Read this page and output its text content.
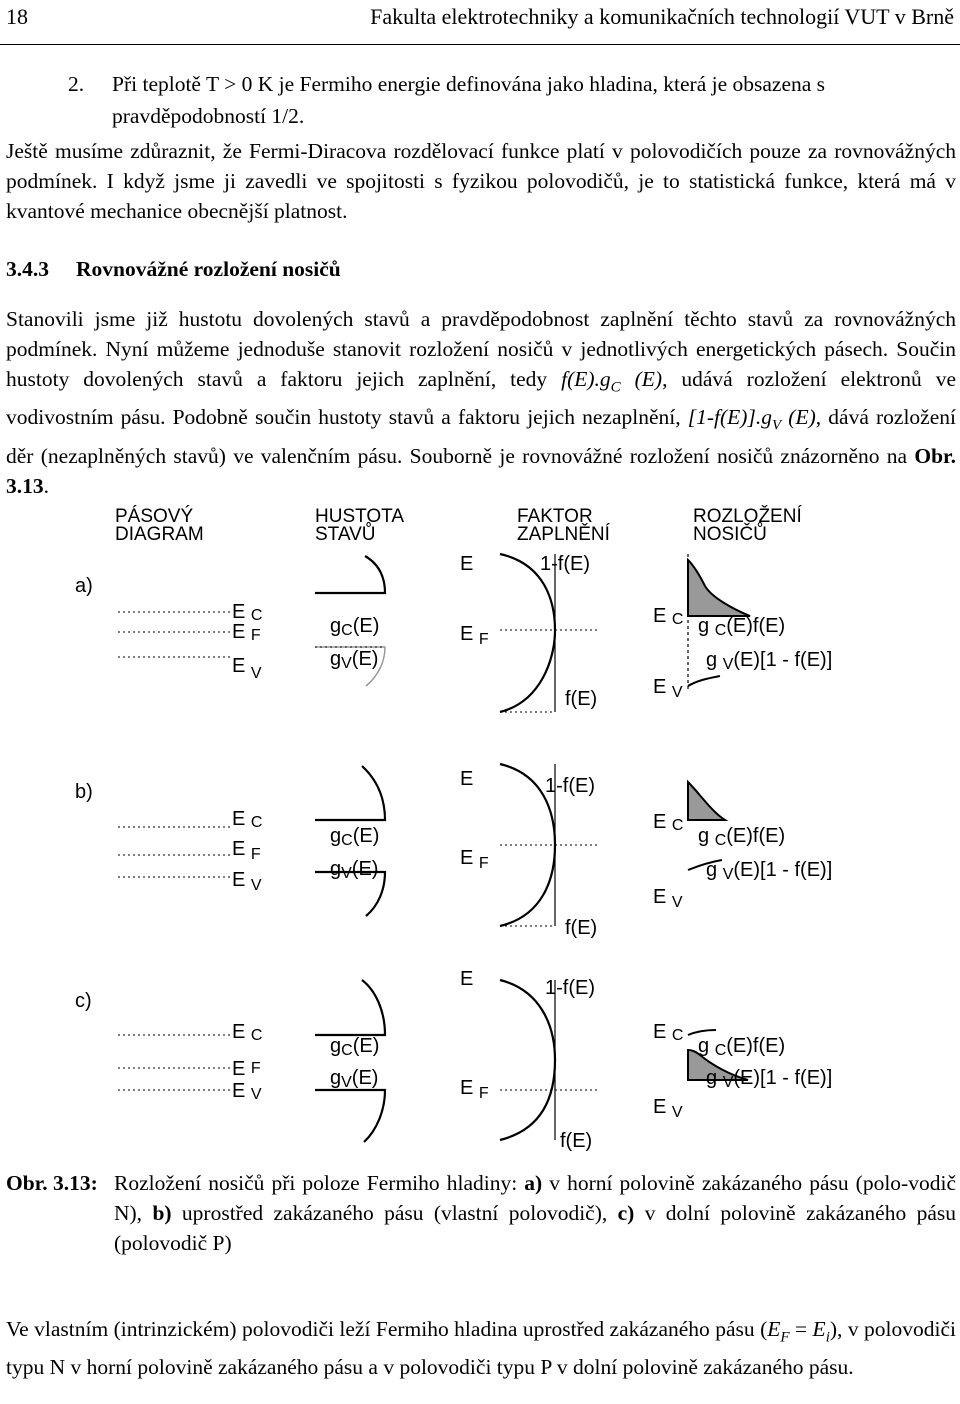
18	Fakulta elektrotechniky a komunikačních technologií VUT v Brně
2. Při teplotě T > 0 K je Fermiho energie definována jako hladina, která je obsazena s pravděpodobností 1/2.
Ještě musíme zdůraznit, že Fermi-Diracova rozdělovací funkce platí v polovodičích pouze za rovnovážných podmínek. I když jsme ji zavedli ve spojitosti s fyzikou polovodičů, je to statistická funkce, která má v kvantové mechanice obecnější platnost.
3.4.3 Rovnovážné rozložení nosičů
Stanovili jsme již hustotu dovolených stavů a pravděpodobnost zaplnění těchto stavů za rovnovážných podmínek. Nyní můžeme jednoduše stanovit rozložení nosičů v jednotlivých energetických pásech. Součin hustoty dovolených stavů a faktoru jejich zaplnění, tedy $f(E).g_C$ (E), udává rozložení elektronů ve vodivostním pásu. Podobně součin hustoty stavů a faktoru jejich nezaplnění, $[1-f(E)].g_V$ (E), dává rozložení děr (nezaplněných stavů) ve valenčním pásu. Souborně je rovnovážné rozložení nosičů znázorněno na Obr. 3.13.
PÁSOVÝ
DIAGRAM
HUSTOTA
STAVŮ
FAKTOR
ZAPLNĚNÍ
ROZLOŽENÍ
NOSIČŮ
a)
E C
E F
E $_V$
gC(E)
gV(E)
E	1-f(E)
E $_F$
f(E)
E C g C(E)f(E)
g V(E)[1 - f(E)]
E $_V$
b)
E C
E $_F$
E $_V$
gC(E)
gV(E)
E	1-f(E)
E $_F$
f(E)
E C g C(E)f(E)
g V(E)[1 - f(E)]
E $_V$
c)
E C
E F
E V
gC(E)
gV(E)
E	1-f(E)
E $_F$
f(E)
E C g C(E)f(E)
g V(E)[1 - f(E)]
E $_V$
Obr. 3.13: Rozložení nosičů při poloze Fermiho hladiny: a) v horní polovině zakázaného pásu (polo-vodič N), b) uprostřed zakázaného pásu (vlastní polovodič), c) v dolní polovině zakázaného pásu (polovodič P)
Ve vlastním (intrinzickém) polovodiči leží Fermiho hladina uprostřed zakázaného pásu $(E_F = E_i)$, v polovodiči typu N v horní polovině zakázaného pásu a v polovodiči typu P v dolní polovině zakázaného pásu.
